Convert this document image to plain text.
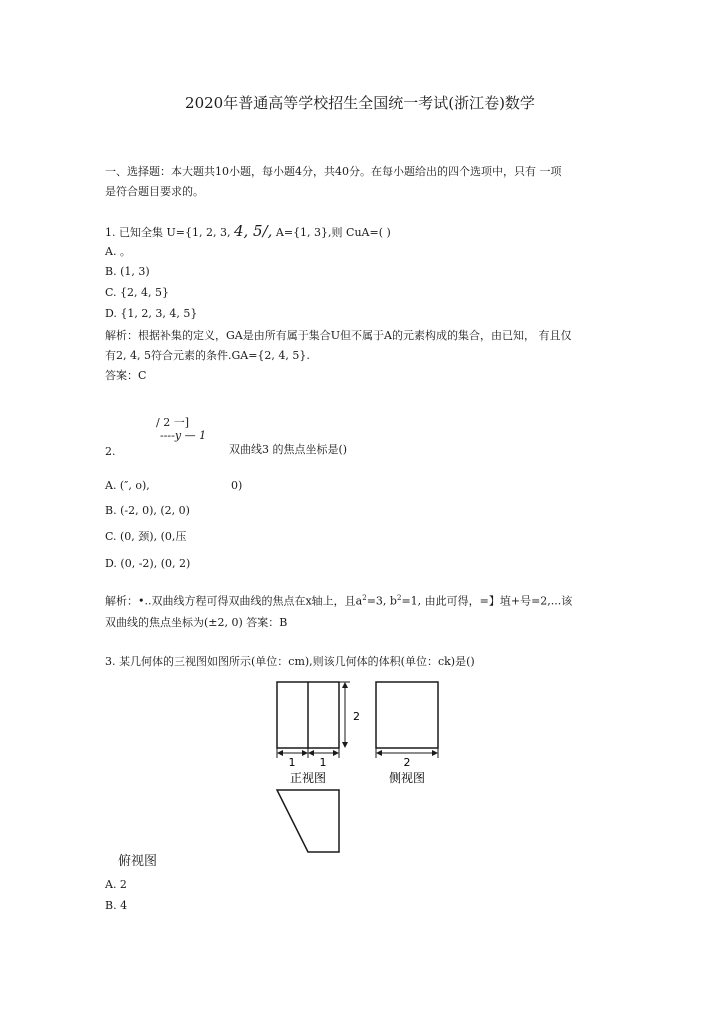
2020年普通高等学校招生全国统一考试(浙江卷)数学
一、选择题：本大题共10小题，每小题4分，共40分。在每小题给出的四个选项中，只有 一项
是符合题目要求的。
1. 已知全集 U={1, 2, 3, 4, 5/, A={1, 3},则 CuA=( )
A. 。
B. (1, 3)
C. {2, 4, 5}
D. {1, 2, 3, 4, 5}
解析：根据补集的定义，GA是由所有属于集合U但不属于A的元素构成的集合，由已知， 有且仅
有2, 4, 5符合元素的条件.GA={2, 4, 5}.
答案：C
/ 2 一]
----y — 1
2.	双曲线3 的焦点坐标是()
A. (″, o),	0)
B. (-2, 0), (2, 0)
C. (0, 颈), (0,压
D. (0, -2), (0, 2)
解析：•..双曲线方程可得双曲线的焦点在x轴上，且$a^2=3$, $b^2=1$, 由此可得，=】埴+号=2,...该
双曲线的焦点坐标为(±2, 0) 答案：B
3. 某几何体的三视图如图所示(单位：cm),则该几何体的体积(单位：ck)是()
1 1
2
正视图
2
侧视图
俯视图
A. 2
B. 4
